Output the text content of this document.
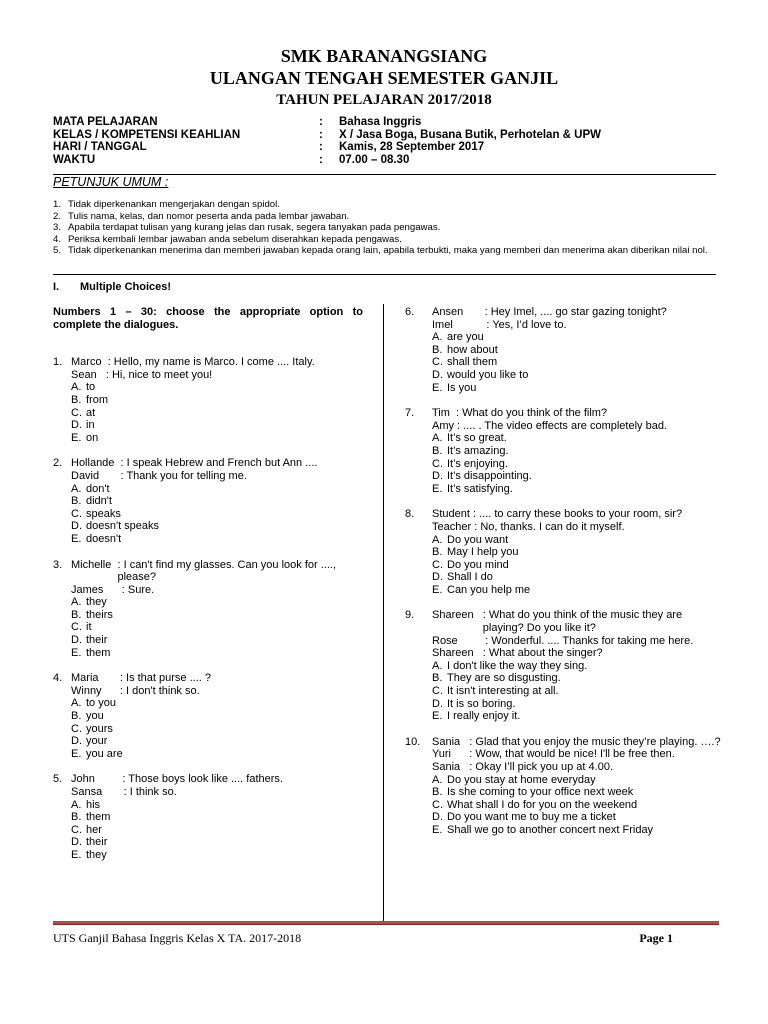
SMK BARANANGSIANG
ULANGAN TENGAH SEMESTER GANJIL
TAHUN PELAJARAN 2017/2018
MATA PELAJARAN	:	Bahasa Inggris
KELAS / KOMPETENSI KEAHLIAN	:	X / Jasa Boga, Busana Butik, Perhotelan & UPW
HARI / TANGGAL	:	Kamis, 28 September 2017
WAKTU	:	07.00 – 08.30
PETUNJUK UMUM :
1. Tidak diperkenankan mengerjakan dengan spidol.
2. Tulis nama, kelas, dan nomor peserta anda pada lembar jawaban.
3. Apabila terdapat tulisan yang kurang jelas dan rusak, segera tanyakan pada pengawas.
4. Periksa kembali lembar jawaban anda sebelum diserahkan kepada pengawas.
5. Tidak diperkenankan menerima dan memberi jawaban kepada orang lain, apabila terbukti, maka yang memberi dan menerima akan diberikan nilai nol.
I.	Multiple Choices!
Numbers 1 – 30: choose the appropriate option to complete the dialogues.
1. Marco : Hello, my name is Marco. I come .... Italy.
Sean : Hi, nice to meet you!
A. to
B. from
C. at
D. in
E. on
2. Hollande : I speak Hebrew and French but Ann ....
David : Thank you for telling me.
A. don't
B. didn't
C. speaks
D. doesn't speaks
E. doesn't
3. Michelle : I can't find my glasses. Can you look for ...., please?
James : Sure.
A. they
B. theirs
C. it
D. their
E. them
4. Maria : Is that purse .... ?
Winny : I don't think so.
A. to you
B. you
C. yours
D. your
E. you are
5. John : Those boys look like .... fathers.
Sansa : I think so.
A. his
B. them
C. her
D. their
E. they
6.	Ansen : Hey Imel, .... go star gazing tonight?
Imel : Yes, I’d love to.
A. are you
B. how about
C. shall them
D. would you like to
E. Is you
7.	Tim : What do you think of the film?
Amy : .... . The video effects are completely bad.
A. It’s so great.
B. It’s amazing.
C. It’s enjoying.
D. It’s disappointing.
E. It’s satisfying.
8.	Student : .... to carry these books to your room, sir?
Teacher : No, thanks. I can do it myself.
A. Do you want
B. May I help you
C. Do you mind
D. Shall I do
E. Can you help me
9.	Shareen : What do you think of the music they are playing? Do you like it?
Rose : Wonderful. .... Thanks for taking me here.
Shareen : What about the singer?
A. I don't like the way they sing.
B. They are so disgusting.
C. It isn't interesting at all.
D. It is so boring.
E. I really enjoy it.
10.	Sania : Glad that you enjoy the music they’re playing. ….?
Yuri : Wow, that would be nice! I'll be free then.
Sania : Okay I’ll pick you up at 4.00.
A. Do you stay at home everyday
B. Is she coming to your office next week
C. What shall I do for you on the weekend
D. Do you want me to buy me a ticket
E. Shall we go to another concert next Friday
UTS Ganjil Bahasa Inggris Kelas X TA. 2017-2018	Page 1
